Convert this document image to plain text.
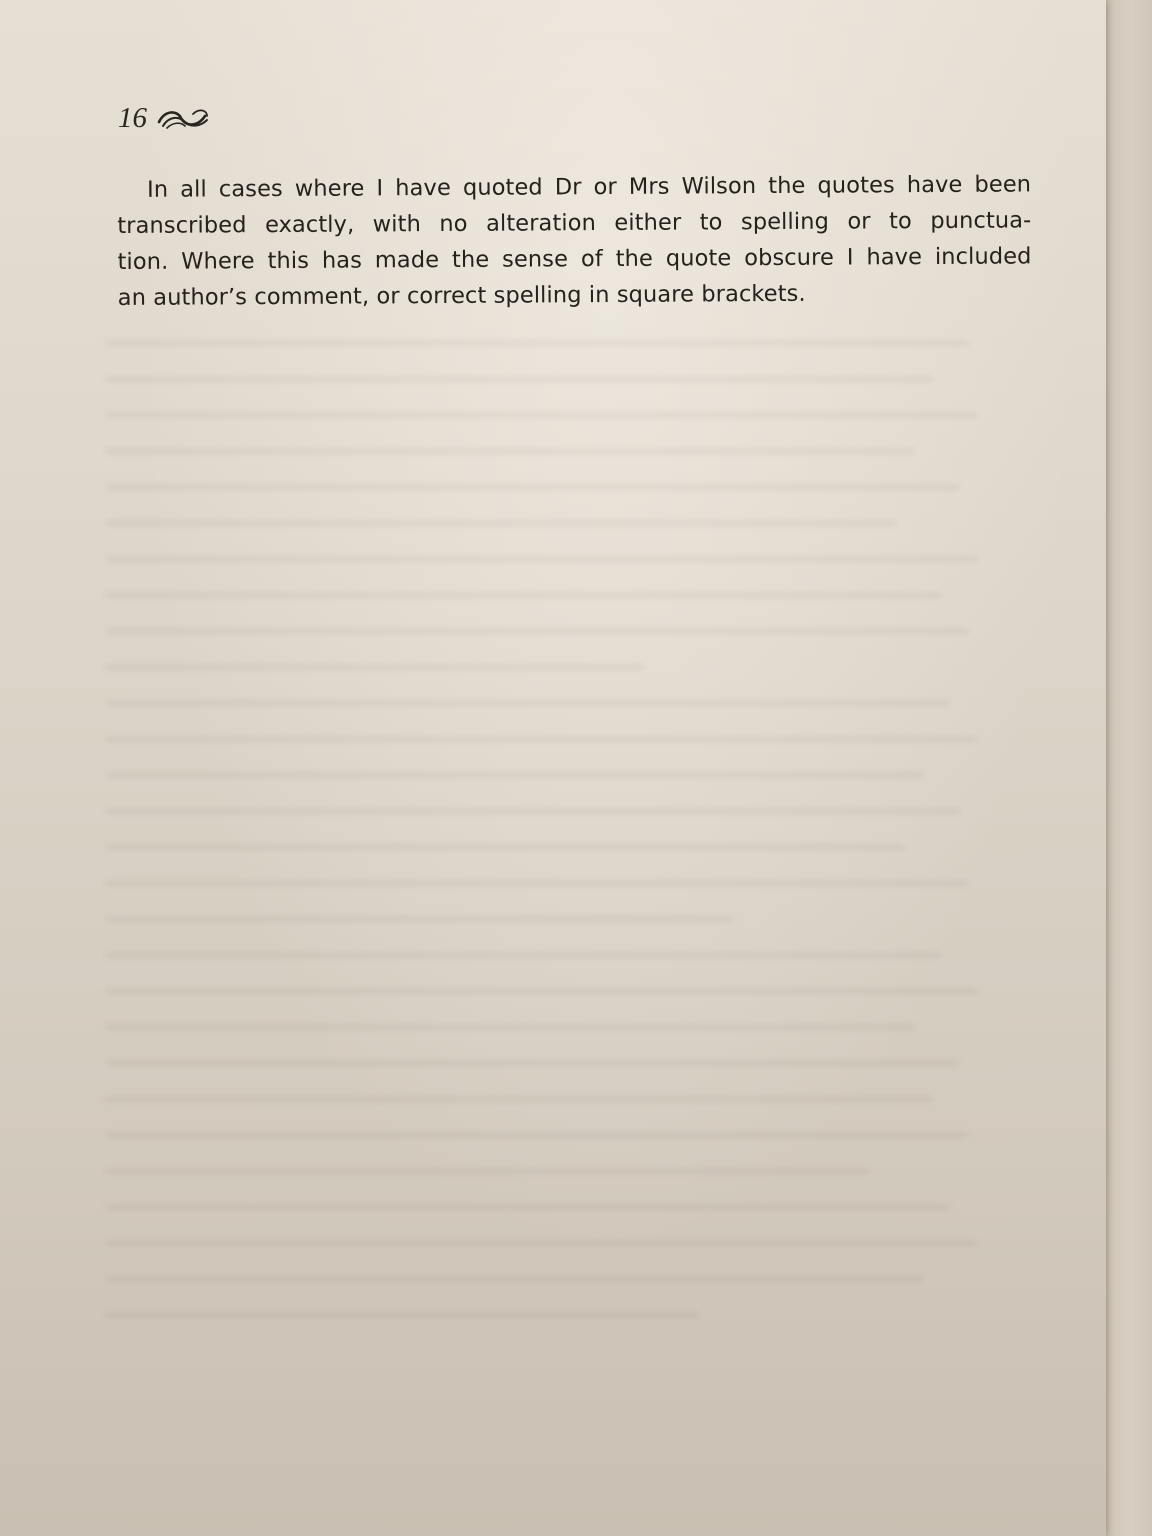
16
In all cases where I have quoted Dr or Mrs Wilson the quotes have been
transcribed exactly, with no alteration either to spelling or to punctua-
tion. Where this has made the sense of the quote obscure I have included
an author’s comment, or correct spelling in square brackets.
